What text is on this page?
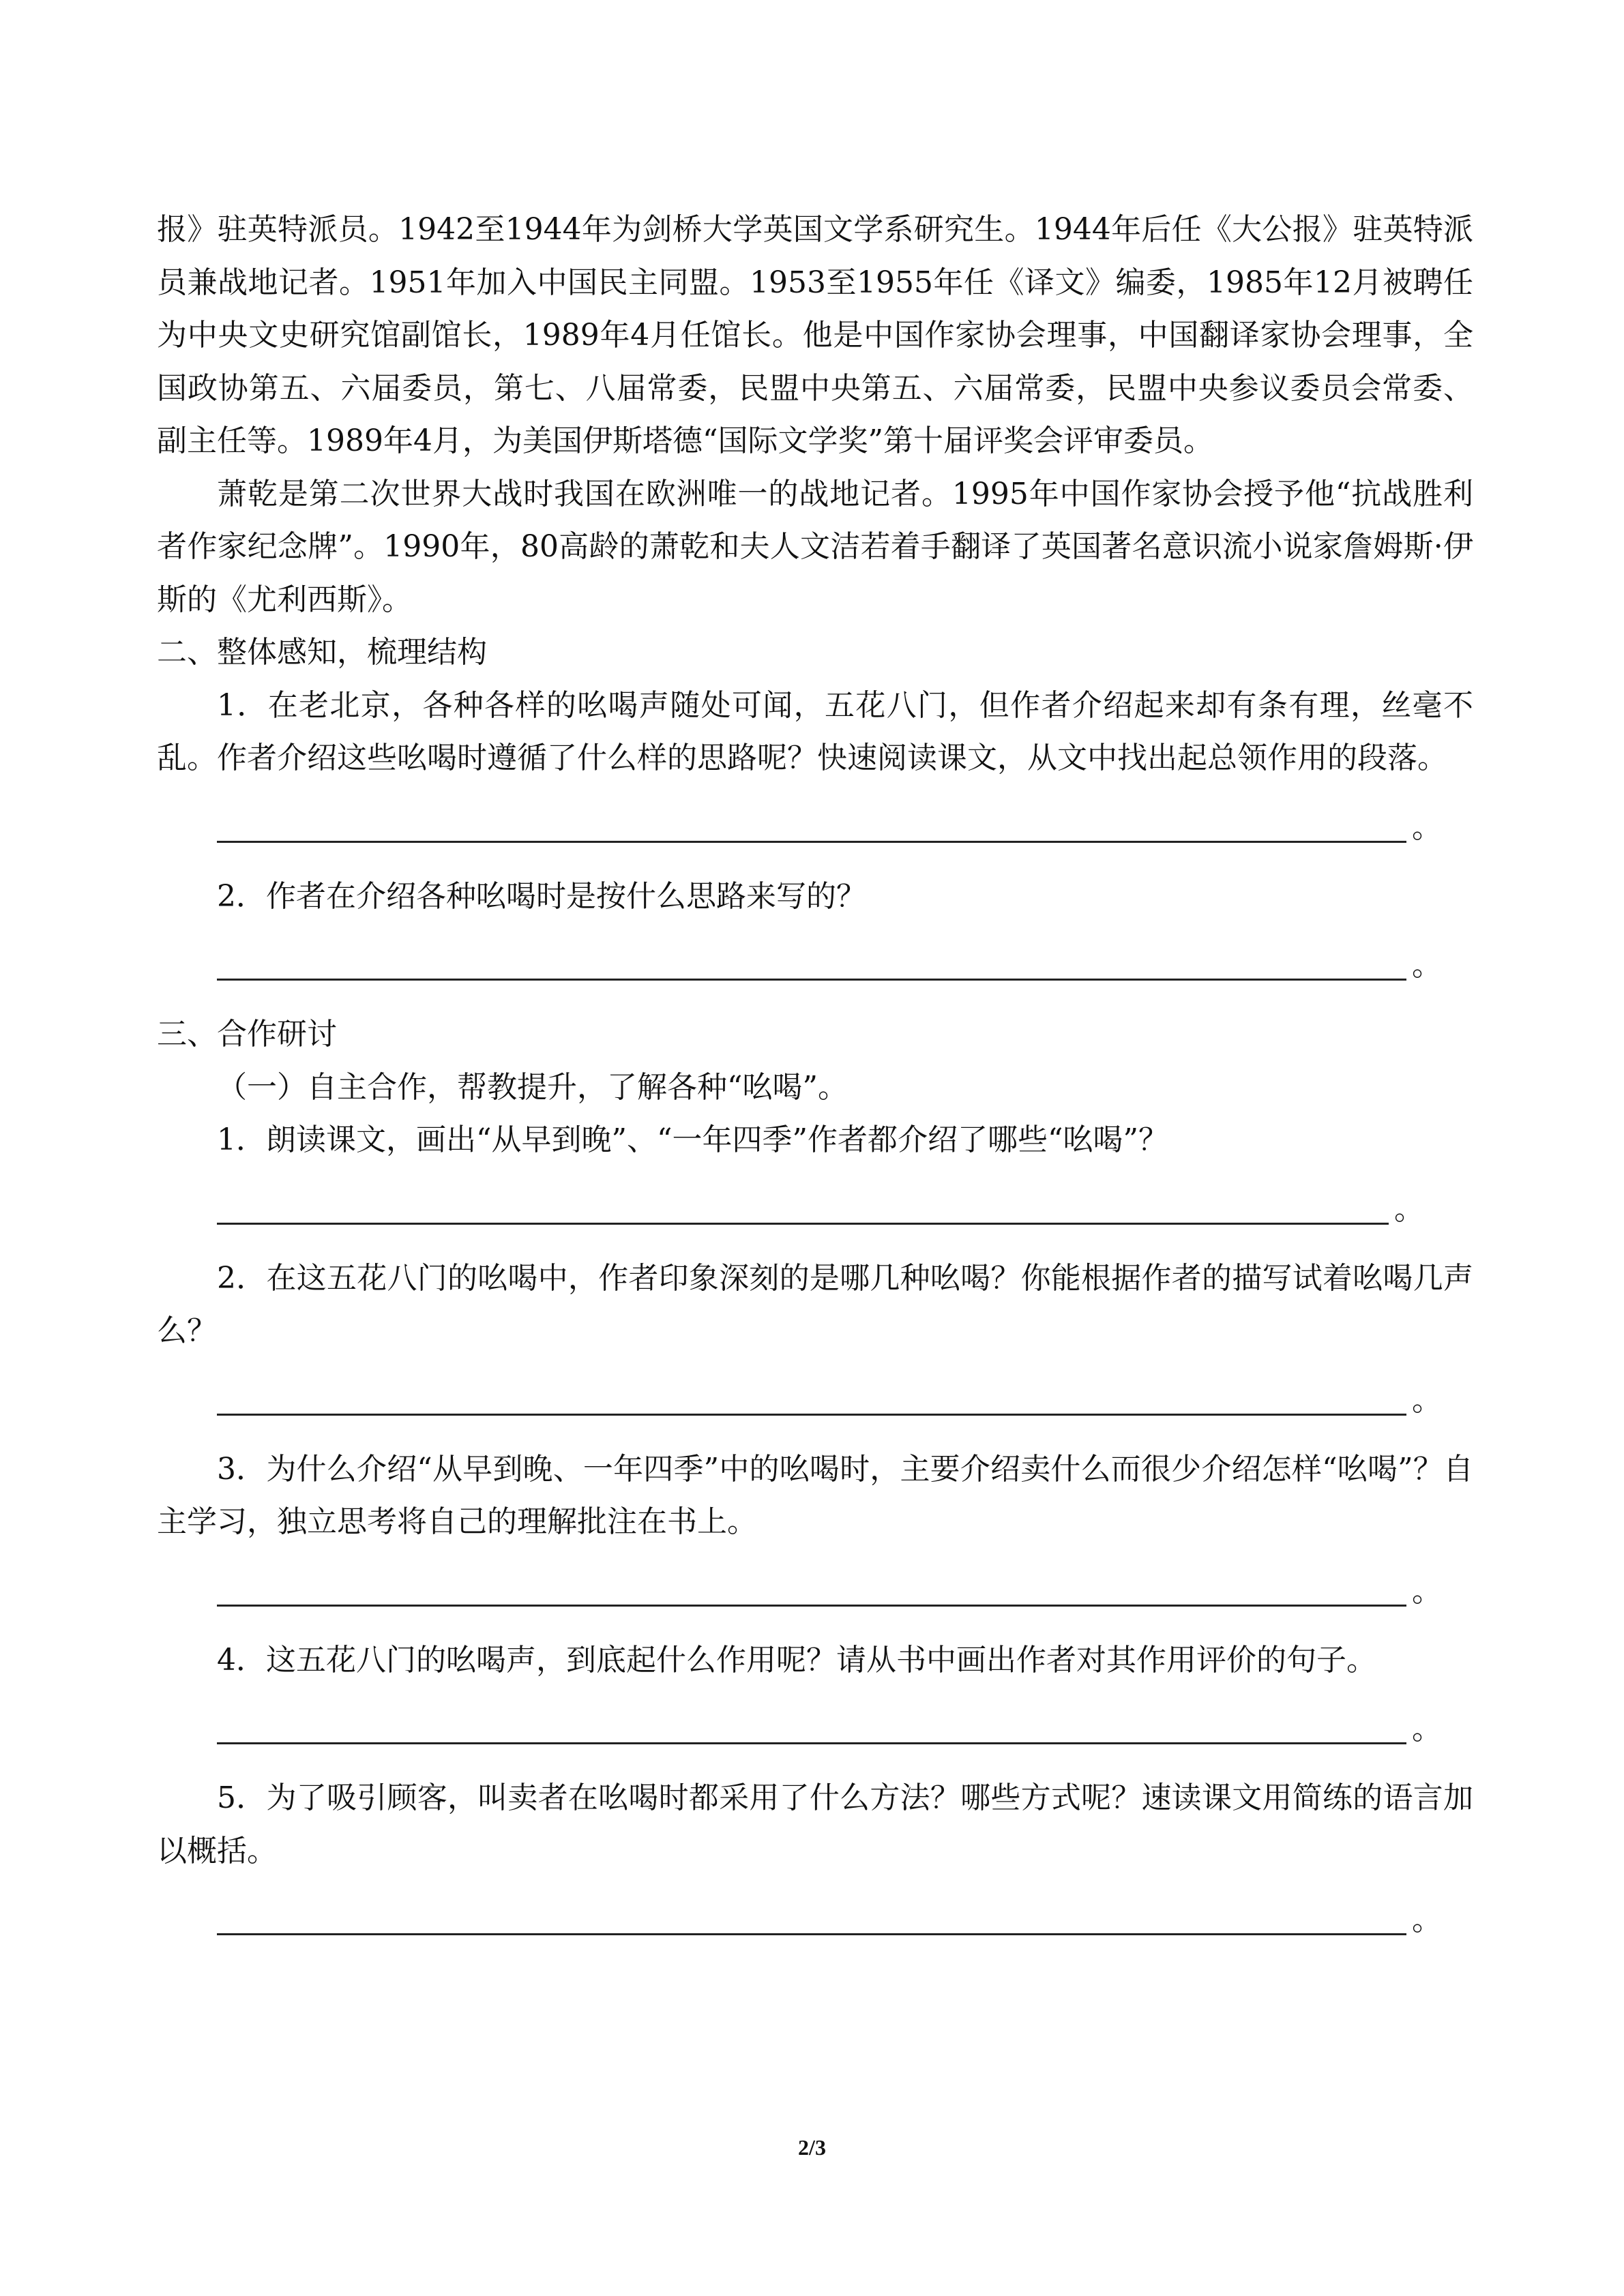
报》驻英特派员。1942至1944年为剑桥大学英国文学系研究生。1944年后任《大公报》驻英特派员兼战地记者。1951年加入中国民主同盟。1953至1955年任《译文》编委，1985年12月被聘任为中央文史研究馆副馆长，1989年4月任馆长。他是中国作家协会理事，中国翻译家协会理事，全国政协第五、六届委员，第七、八届常委，民盟中央第五、六届常委，民盟中央参议委员会常委、副主任等。1989年4月，为美国伊斯塔德“国际文学奖”第十届评奖会评审委员。

萧乾是第二次世界大战时我国在欧洲唯一的战地记者。1995年中国作家协会授予他“抗战胜利者作家纪念牌”。1990年，80高龄的萧乾和夫人文洁若着手翻译了英国著名意识流小说家詹姆斯·伊斯的《尤利西斯》。

二、整体感知，梳理结构

1．在老北京，各种各样的吆喝声随处可闻，五花八门，但作者介绍起来却有条有理，丝毫不乱。作者介绍这些吆喝时遵循了什么样的思路呢？快速阅读课文，从文中找出起总领作用的段落。

。

2．作者在介绍各种吆喝时是按什么思路来写的？

。

三、合作研讨

（一）自主合作，帮教提升，了解各种“吆喝”。

1．朗读课文，画出“从早到晚”、“一年四季”作者都介绍了哪些“吆喝”？

。

2．在这五花八门的吆喝中，作者印象深刻的是哪几种吆喝？你能根据作者的描写试着吆喝几声么？

。

3．为什么介绍“从早到晚、一年四季”中的吆喝时，主要介绍卖什么而很少介绍怎样“吆喝”？自主学习，独立思考将自己的理解批注在书上。

。

4．这五花八门的吆喝声，到底起什么作用呢？请从书中画出作者对其作用评价的句子。

。

5．为了吸引顾客，叫卖者在吆喝时都采用了什么方法？哪些方式呢？速读课文用简练的语言加以概括。

。
2/3
